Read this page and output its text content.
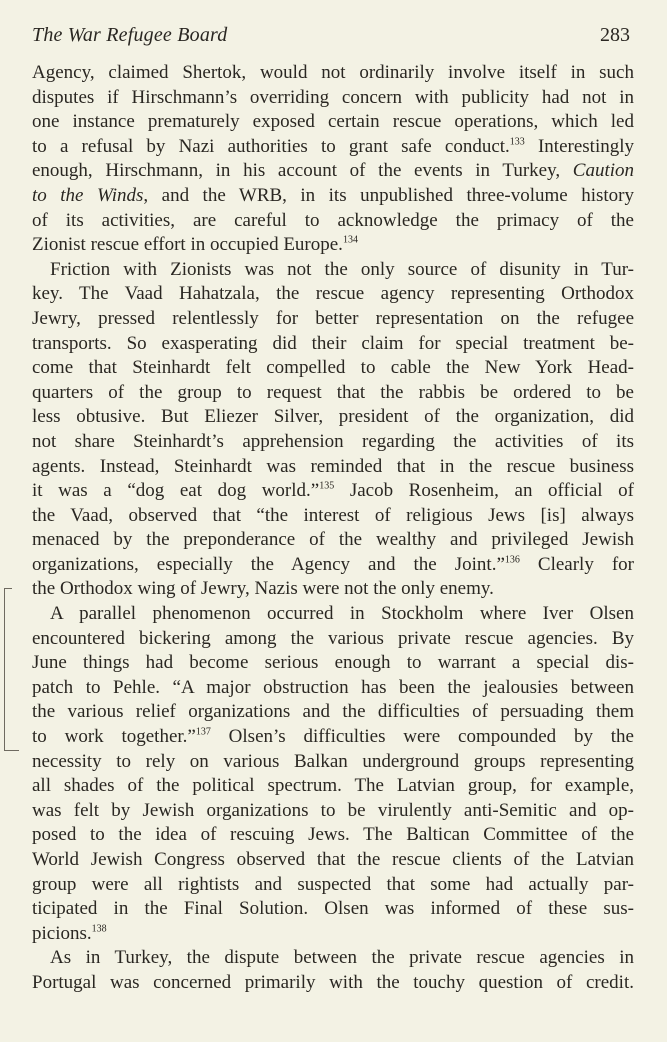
The War Refugee Board	283
Agency, claimed Shertok, would not ordinarily involve itself in such
disputes if Hirschmann’s overriding concern with publicity had not in
one instance prematurely exposed certain rescue operations, which led
to a refusal by Nazi authorities to grant safe conduct.$^{133}$ Interestingly
enough, Hirschmann, in his account of the events in Turkey, Caution
to the Winds, and the WRB, in its unpublished three-volume history
of its activities, are careful to acknowledge the primacy of the
Zionist rescue effort in occupied Europe.$^{134}$
Friction with Zionists was not the only source of disunity in Tur-
key. The Vaad Hahatzala, the rescue agency representing Orthodox
Jewry, pressed relentlessly for better representation on the refugee
transports. So exasperating did their claim for special treatment be-
come that Steinhardt felt compelled to cable the New York Head-
quarters of the group to request that the rabbis be ordered to be
less obtusive. But Eliezer Silver, president of the organization, did
not share Steinhardt’s apprehension regarding the activities of its
agents. Instead, Steinhardt was reminded that in the rescue business
it was a “dog eat dog world.”$^{135}$ Jacob Rosenheim, an official of
the Vaad, observed that “the interest of religious Jews [is] always
menaced by the preponderance of the wealthy and privileged Jewish
organizations, especially the Agency and the Joint.”$^{136}$ Clearly for
the Orthodox wing of Jewry, Nazis were not the only enemy.
A parallel phenomenon occurred in Stockholm where Iver Olsen
encountered bickering among the various private rescue agencies. By
June things had become serious enough to warrant a special dis-
patch to Pehle. “A major obstruction has been the jealousies between
the various relief organizations and the difficulties of persuading them
to work together.”$^{137}$ Olsen’s difficulties were compounded by the
necessity to rely on various Balkan underground groups representing
all shades of the political spectrum. The Latvian group, for example,
was felt by Jewish organizations to be virulently anti-Semitic and op-
posed to the idea of rescuing Jews. The Baltican Committee of the
World Jewish Congress observed that the rescue clients of the Latvian
group were all rightists and suspected that some had actually par-
ticipated in the Final Solution. Olsen was informed of these sus-
picions.$^{138}$
As in Turkey, the dispute between the private rescue agencies in
Portugal was concerned primarily with the touchy question of credit.
